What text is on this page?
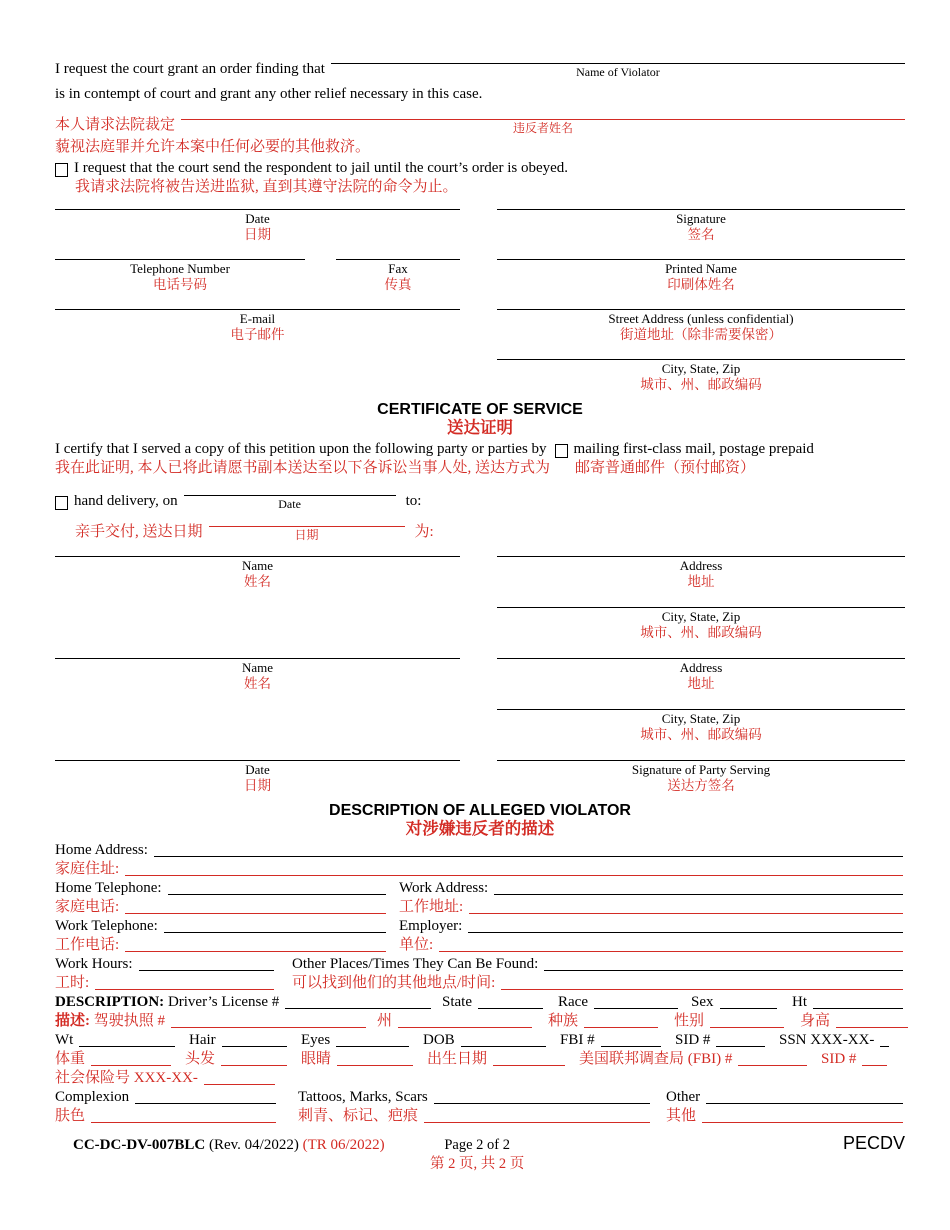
I request the court grant an order finding that	Name of Violator
is in contempt of court and grant any other relief necessary in this case.
本人请求法院裁定	违反者姓名
藐视法庭罪并允许本案中任何必要的其他救济。
I request that the court send the respondent to jail until the court’s order is obeyed.
我请求法院将被告送进监狱, 直到其遵守法院的命令为止。
Date
日期
Signature
签名
Telephone Number
电话号码
Fax
传真
Printed Name
印刷体姓名
E-mail
电子邮件
Street Address (unless confidential)
街道地址（除非需要保密）
City, State, Zip
城市、州、邮政编码
CERTIFICATE OF SERVICE
送达证明
I certify that I served a copy of this petition upon the following party or parties by mailing first-class mail, postage prepaid
我在此证明, 本人已将此请愿书副本送达至以下各诉讼当事人处, 送达方式为 邮寄普通邮件（预付邮资）
hand delivery, on	Date	to:
亲手交付, 送达日期	日期	为:
Name
姓名
Address
地址
City, State, Zip
城市、州、邮政编码
Name
姓名
Address
地址
City, State, Zip
城市、州、邮政编码
Date
日期
Signature of Party Serving
送达方签名
DESCRIPTION OF ALLEGED VIOLATOR
对涉嫌违反者的描述
Home Address:
家庭住址:
Home Telephone:	Work Address:
家庭电话:	工作地址:
Work Telephone:	Employer:
工作电话:	单位:
Work Hours:	Other Places/Times They Can Be Found:
工时:	可以找到他们的其他地点/时间:
DESCRIPTION: Driver’s License #	State	Race	Sex	Ht
描述: 驾驶执照 #	州	种族	性别	身高
Wt	Hair	Eyes	DOB	FBI #	SID #	SSN XXX-XX-
体重	头发	眼睛	出生日期	美国联邦调查局 (FBI) #	SID #
社会保险号 XXX-XX-
Complexion	Tattoos, Marks, Scars	Other
肤色	刺青、标记、疤痕	其他
CC-DC-DV-007BLC (Rev. 04/2022) (TR 06/2022)	Page 2 of 2
第 2 页, 共 2 页
PECDV
